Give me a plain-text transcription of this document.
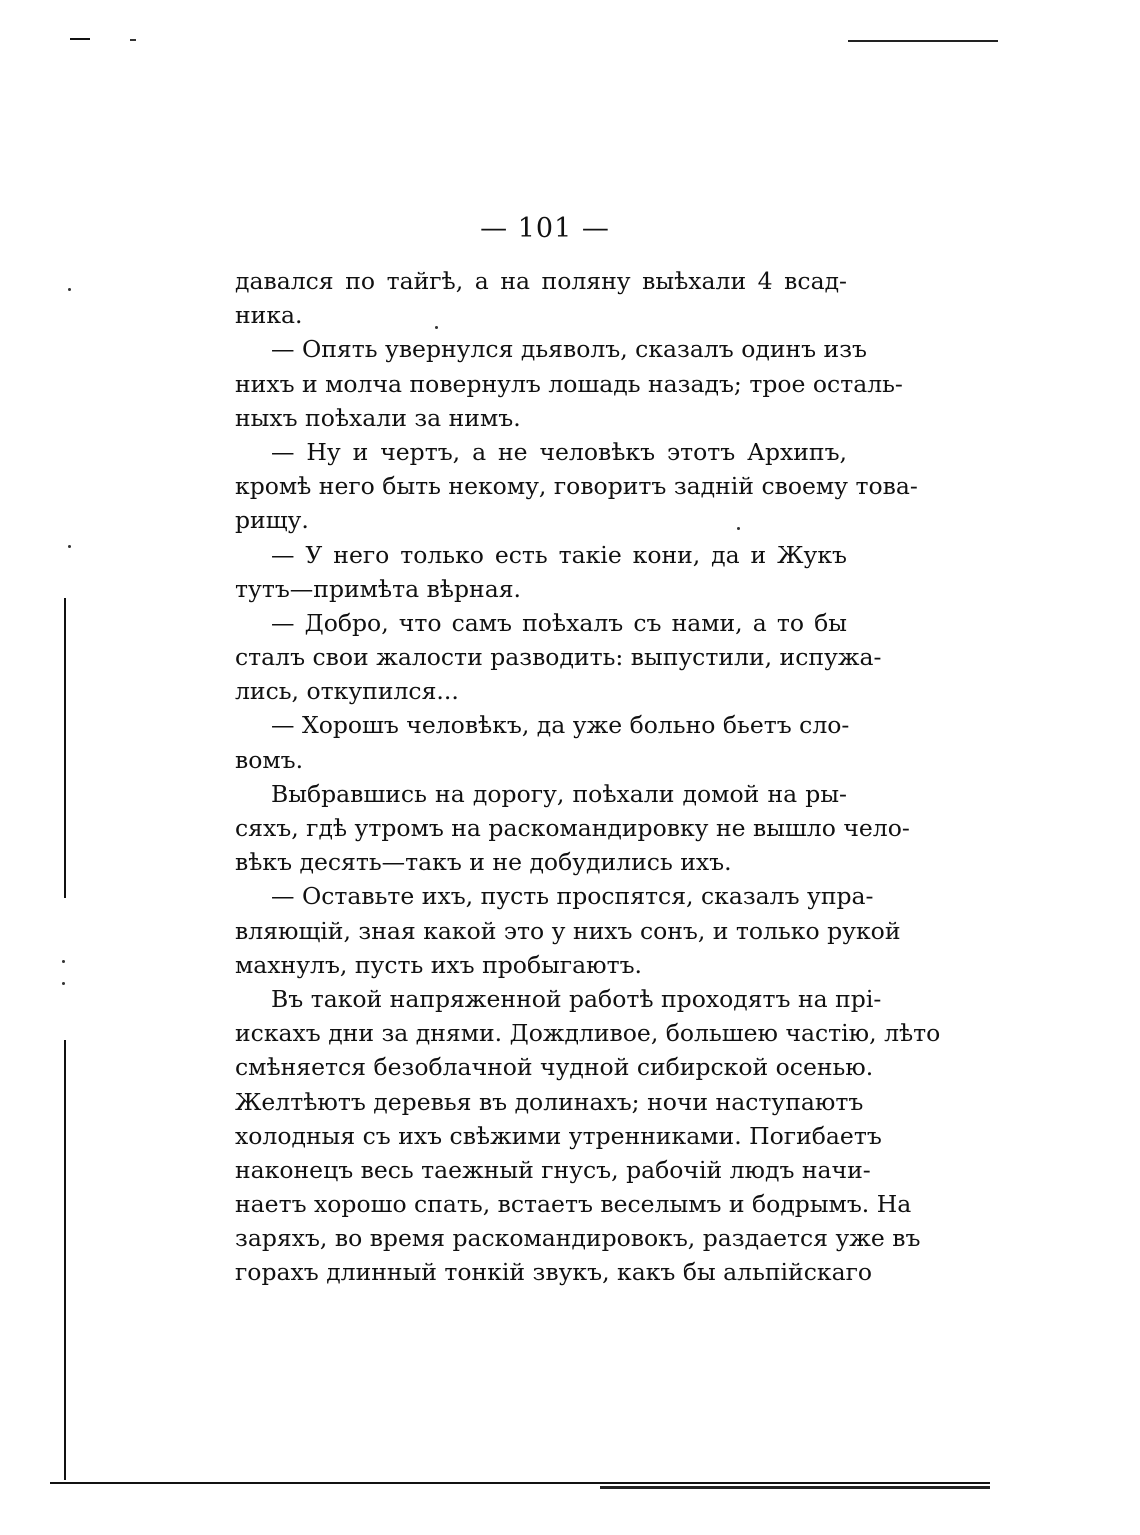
— 101 —
давался по тайгѣ, а на поляну выѣхали 4 всад-
ника.
— Опять увернулся дьяволъ, сказалъ одинъ изъ
нихъ и молча повернулъ лошадь назадъ; трое осталь-
ныхъ поѣхали за нимъ.
— Ну и чертъ, а не человѣкъ этотъ Архипъ,
кромѣ него быть некому, говоритъ заднiй своему това-
рищу.
— У него только есть такiе кони, да и Жукъ
тутъ—примѣта вѣрная.
— Добро, что самъ поѣхалъ съ нами, а то бы
сталъ свои жалости разводить: выпустили, испужа-
лись, откупился...
— Хорошъ человѣкъ, да уже больно бьетъ сло-
вомъ.
Выбравшись на дорогу, поѣхали домой на ры-
сяхъ, гдѣ утромъ на раскомандировку не вышло чело-
вѣкъ десять—такъ и не добудились ихъ.
— Оставьте ихъ, пусть проспятся, сказалъ упра-
вляющiй, зная какой это у нихъ сонъ, и только рукой
махнулъ, пусть ихъ пробыгаютъ.
Въ такой напряженной работѣ проходятъ на прi-
искахъ дни за днями. Дождливое, большею частiю, лѣто
смѣняется безоблачной чудной сибирской осенью.
Желтѣютъ деревья въ долинахъ; ночи наступаютъ
холодныя съ ихъ свѣжими утренниками. Погибаетъ
наконецъ весь таежный гнусъ, рабочiй людъ начи-
наетъ хорошо спать, встаетъ веселымъ и бодрымъ. На
заряхъ, во время раскомандировокъ, раздается уже въ
горахъ длинный тонкiй звукъ, какъ бы альпiйскаго
